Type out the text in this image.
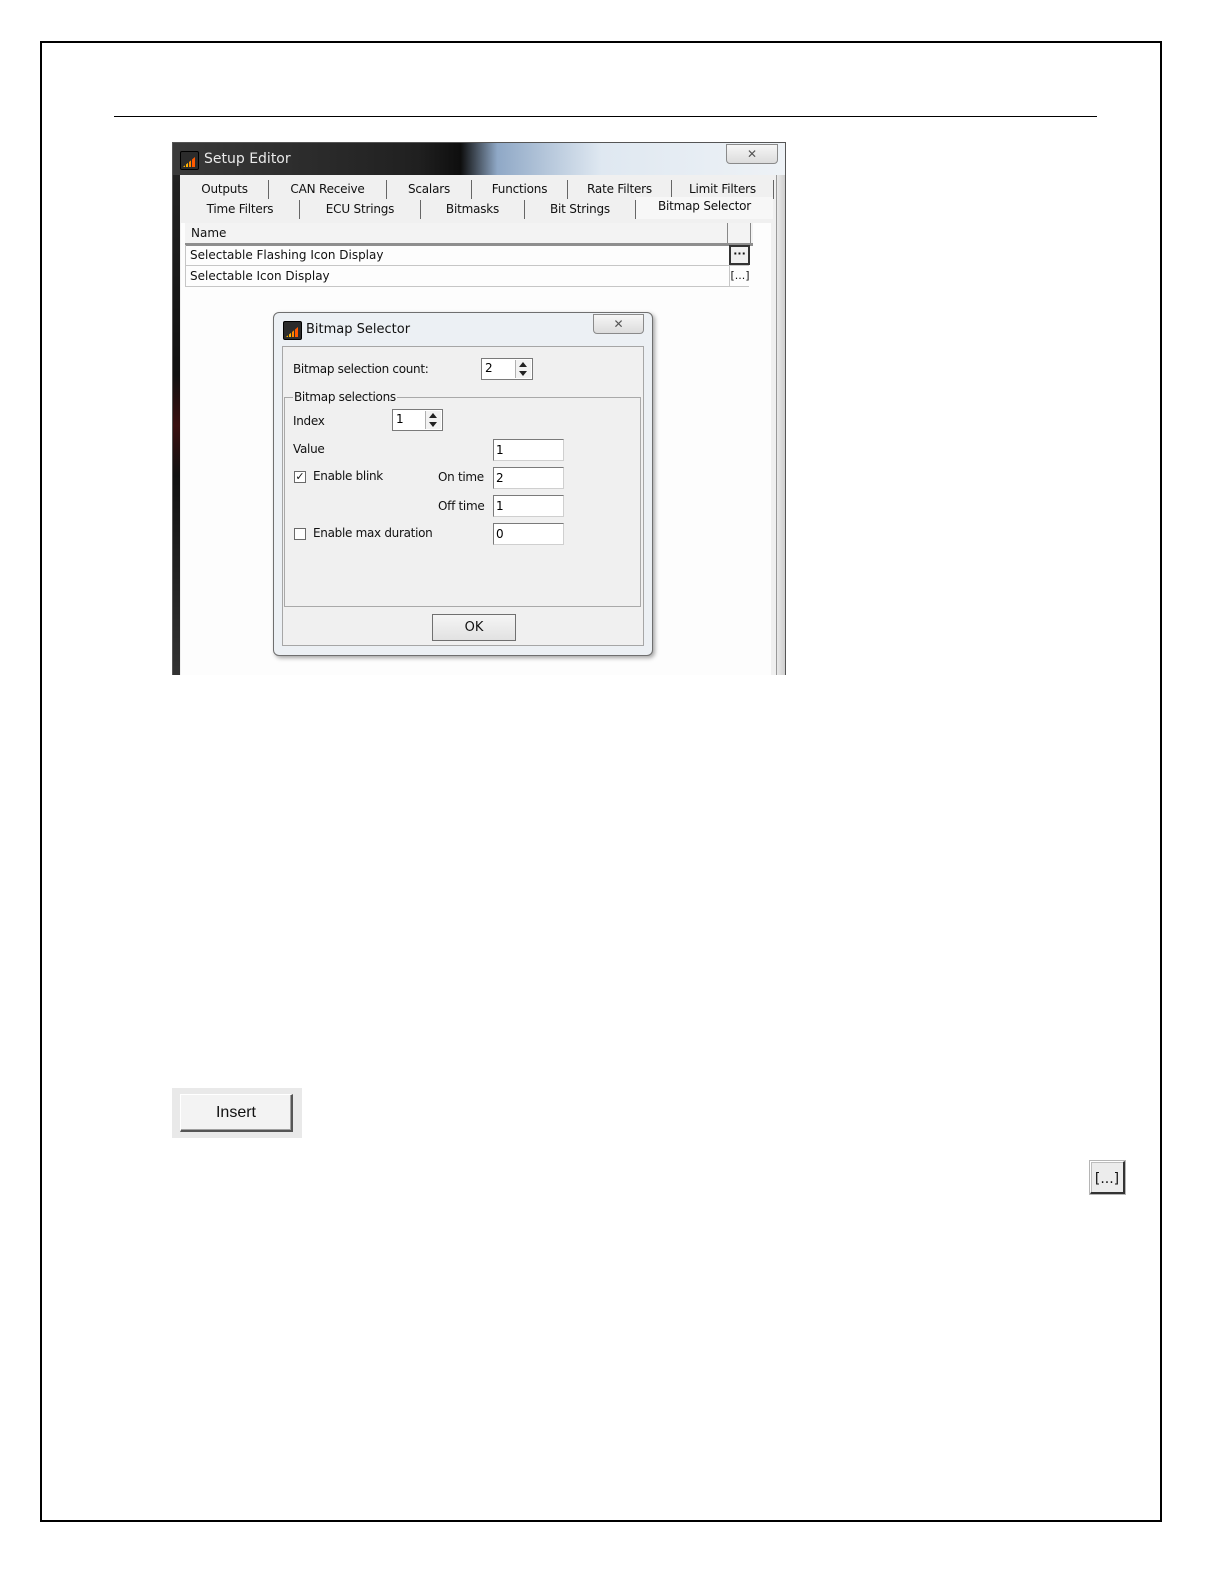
Setup Editor	✕
Outputs	CAN Receive	Scalars	Functions	Rate Filters	Limit Filters
Time Filters	ECU Strings	Bitmasks	Bit Strings	Bitmap Selector
Name
Selectable Flashing Icon Display	···
Selectable Icon Display	[...]
Bitmap Selector	✕
Bitmap selection count:	2
Bitmap selections
Index	1
Value	1
✓ Enable blink	On time 2
Off time 1
Enable max duration	0
OK
Insert
[...]
